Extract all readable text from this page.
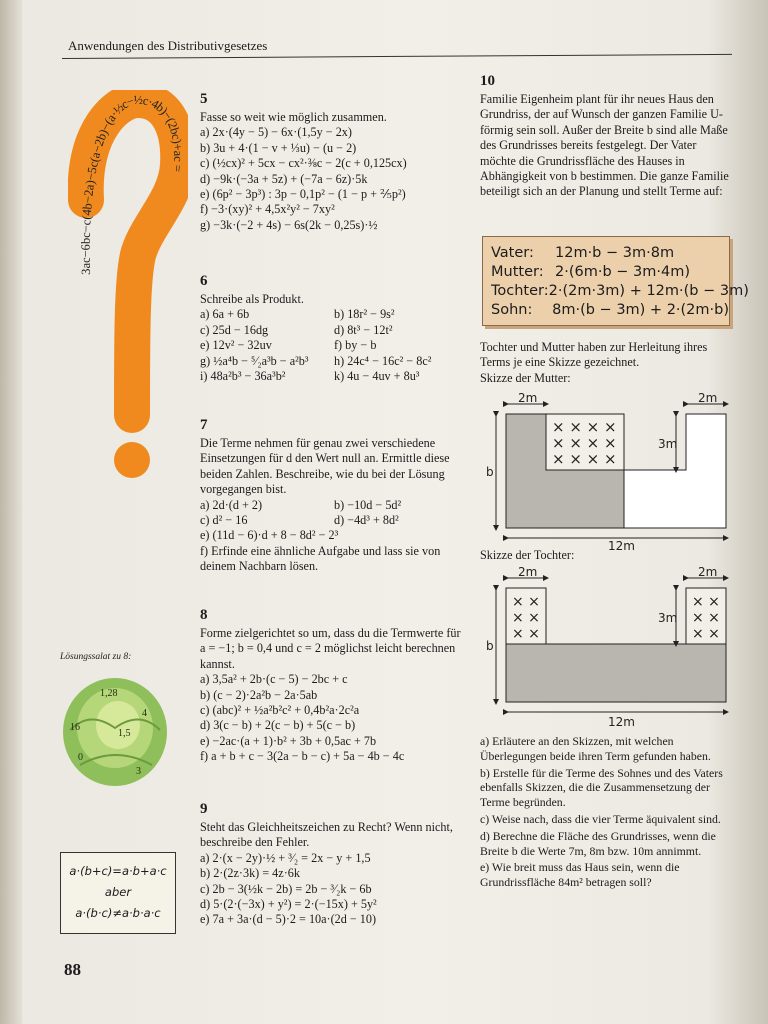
Anwendungen des Distributivgesetzes
3ac−6bc−c(4b−2a)−5c(a−2b)−(a·½c−½c·4b)−(2bc)+ac =
Lösungssalat zu 8:
1,28
4
16
1,5
0
3
a·(b+c)=a·b+a·c
aber
a·(b·c)≠a·b·a·c
88
5

Fasse so weit wie möglich zusammen.

a) 2x·(4y − 5) − 6x·(1,5y − 2x)
b) 3u + 4·(1 − v + ⅓u) − (u − 2)
c) (½cx)² + 5cx − cx²·⅜c − 2(c + 0,125cx)
d) −9k·(−3a + 5z) + (−7a − 6z)·5k
e) (6p² − 3p³) : 3p − 0,1p² − (1 − p + ⅖p²)
f) −3·(xy)² + 4,5x²y² − 7xy²
g) −3k·(−2 + 4s) − 6s(2k − 0,25s)·½
6

Schreibe als Produkt.

a) 6a + 6b	b) 18r² − 9s²
c) 25d − 16dg	d) 8t³ − 12t²
e) 12v² − 32uv	f) by − b
g) ½a⁴b − ⁵⁄₂a³b − a²b³	h) 24c⁴ − 16c² − 8c²
i) 48a²b³ − 36a³b²	k) 4u − 4uv + 8u³
7

Die Terme nehmen für genau zwei verschiedene Einsetzungen für d den Wert null an. Ermittle diese beiden Zahlen. Beschreibe, wie du bei der Lösung vorgegangen bist.

a) 2d·(d + 2)	b) −10d − 5d²
c) d² − 16	d) −4d³ + 8d²
e) (11d − 6)·d + 8 − 8d² − 2³

f) Erfinde eine ähnliche Aufgabe und lass sie von deinem Nachbarn lösen.

8

Forme zielgerichtet so um, dass du die Termwerte für a = −1; b = 0,4 und c = 2 möglichst leicht berechnen kannst.

a) 3,5a² + 2b·(c − 5) − 2bc + c
b) (c − 2)·2a²b − 2a·5ab
c) (abc)² + ½a²b²c² + 0,4b²a·2c²a
d) 3(c − b) + 2(c − b) + 5(c − b)
e) −2ac·(a + 1)·b² + 3b + 0,5ac + 7b
f) a + b + c − 3(2a − b − c) + 5a − 4b − 4c
9

Steht das Gleichheitszeichen zu Recht? Wenn nicht, beschreibe den Fehler.

a) 2·(x − 2y)·½ + ³⁄₂ = 2x − y + 1,5
b) 2·(2z·3k) = 4z·6k
c) 2b − 3(½k − 2b) = 2b − ³⁄₂k − 6b
d) 5·(2·(−3x) + y²) = 2·(−15x) + 5y²
e) 7a + 3a·(d − 5)·2 = 10a·(2d − 10)
10

Familie Eigenheim plant für ihr neues Haus den Grundriss, der auf Wunsch der ganzen Familie U-förmig sein soll. Außer der Breite b sind alle Maße des Grundrisses bereits festgelegt. Der Vater möchte die Grundrissfläche des Hauses in Abhängigkeit von b bestimmen. Die ganze Familie beteiligt sich an der Planung und stellt Terme auf:

Vater:	12m·b − 3m·8m
Mutter: 2·(6m·b − 3m·4m)
Tochter: 2·(2m·3m) + 12m·(b − 3m)
Sohn:	8m·(b − 3m) + 2·(2m·b)

Tochter und Mutter haben zur Herleitung ihres Terms je eine Skizze gezeichnet.

Skizze der Mutter:

× × × ×
× × × ×
× × × ×
2m	2m
b
3m
12m

Skizze der Tochter:

× ×
× ×
× ×
× ×
× ×
× ×
2m	2m
b
3m
12m

a) Erläutere an den Skizzen, mit welchen Überlegungen beide ihren Term gefunden haben.

b) Erstelle für die Terme des Sohnes und des Vaters ebenfalls Skizzen, die die Zusammensetzung der Terme begründen.

c) Weise nach, dass die vier Terme äquivalent sind.

d) Berechne die Fläche des Grundrisses, wenn die Breite b die Werte 7m, 8m bzw. 10m annimmt.

e) Wie breit muss das Haus sein, wenn die Grundrissfläche 84m² betragen soll?
